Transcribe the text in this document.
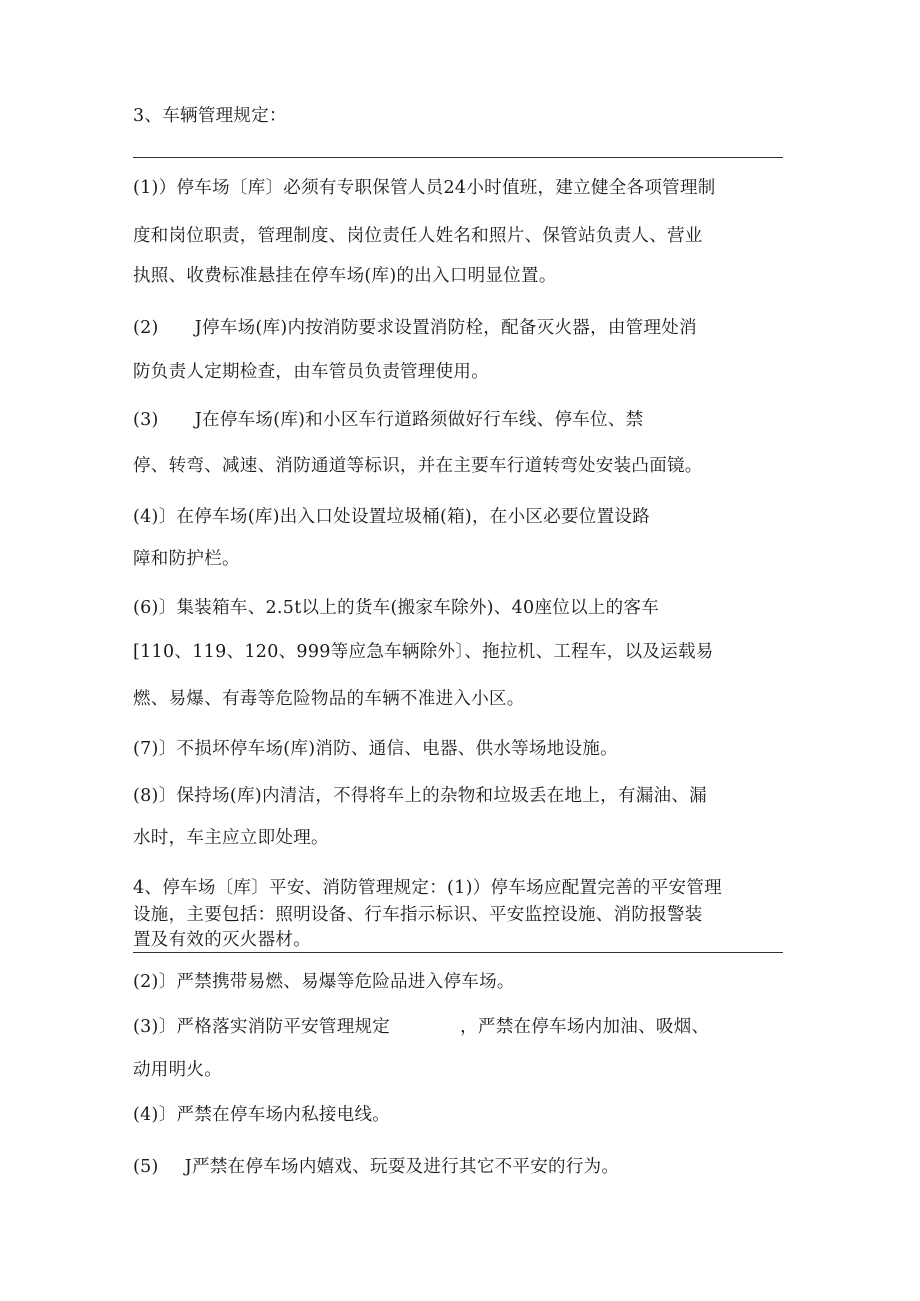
3、车辆管理规定：

(1)）停车场〔库〕必须有专职保管人员24小时值班，建立健全各项管理制

度和岗位职责，管理制度、岗位责任人姓名和照片、保管站负责人、营业

执照、收费标准悬挂在停车场(库)的出入口明显位置。

(2) J停车场(库)内按消防要求设置消防栓，配备灭火器，由管理处消

防负责人定期检查，由车管员负责管理使用。

(3) J在停车场(库)和小区车行道路须做好行车线、停车位、禁

停、转弯、减速、消防通道等标识，并在主要车行道转弯处安装凸面镜。

(4)〕在停车场(库)出入口处设置垃圾桶(箱)，在小区必要位置设路

障和防护栏。

(6)〕集装箱车、2.5t以上的货车(搬家车除外)、40座位以上的客车

[110、119、120、999等应急车辆除外〕、拖拉机、工程车，以及运载易

燃、易爆、有毒等危险物品的车辆不准进入小区。

(7)〕不损坏停车场(库)消防、通信、电器、供水等场地设施。

(8)〕保持场(库)内清洁，不得将车上的杂物和垃圾丢在地上，有漏油、漏

水时，车主应立即处理。

4、停车场〔库〕平安、消防管理规定：(1)）停车场应配置完善的平安管理

设施，主要包括：照明设备、行车指示标识、平安监控设施、消防报警装

置及有效的灭火器材。

(2)〕严禁携带易燃、易爆等危险品进入停车场。

(3)〕严格落实消防平安管理规定	，严禁在停车场内加油、吸烟、

动用明火。

(4)〕严禁在停车场内私接电线。

(5) J严禁在停车场内嬉戏、玩耍及进行其它不平安的行为。
